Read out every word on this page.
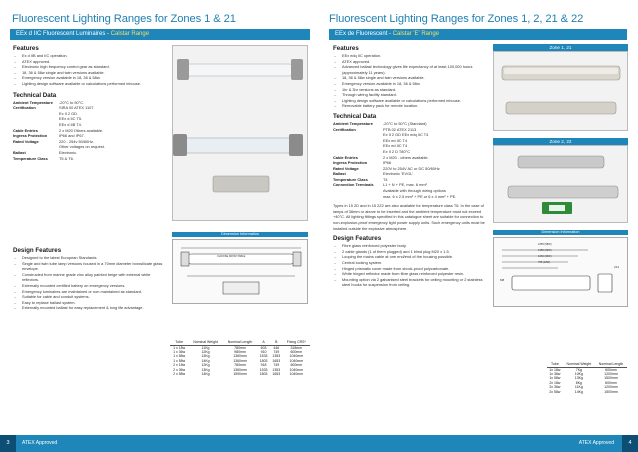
Fluorescent Lighting Ranges for Zones 1 & 21
EEx d IIC Fluorescent Luminaires - Calstar Range
Features
– Ex d IIB and IIC operation.
– ATEX approved.
– Electronic high frequency control gear as standard.
– 18, 36 & 58w single and twin versions available.
– Emergency version available in 18, 36 & 58w.
– Lighting design software available or calculations performed inhouse.
Technical Data
Ambient Temperature	-20°C to 50°C.
Certification	SIRA 00 ATEX 1107.
Ex II 2 GD.
EEx d IIC T5.
EEx d IIB T4.
Cable Entries	2 x M20 Others available.
Ingress Protection	IP66 and IP67.
Rated Voltage	220 - 254v 50/60Hz.
Other voltages on request.
Ballast	Electronic.
Temperature Class	T5 & T6.
Design Features
– Designed to the latest European Standards.
– Single and twin tube lamp versions housed in a 70mm diameter borosilicate glass envelope.
– Constructed from marine grade zinc alloy painted beige with external white reflectors.
– Externally mounted certified battery on emergency versions.
– Emergency luminaires are maintained or non maintained as standard.
– Suitable for cable and conduit systems.
– Easy to replace ballast system.
– Externally mounted ballast for easy replacement & long life advantage.
Dimension Information
CHOOSE FROM TABLE
Tube	Nominal Weight	Nominal Length	A	B	Fixing CRS*
1 x 18w	11Kg	780mm	603	446	318mm
1 x 36w	12Kg	980mm	910	749	600mm
1 x 58w	13Kg	1360mm	1533	1353	1040mm
1 x 58w	14Kg	1360mm	1803	1653	1040mm
2 x 18w	12Kg	780mm	918	749	600mm
2 x 36w	13Kg	1360mm	1533	1353	1040mm
2 x 58w	14Kg	1590mm	1803	1653	1040mm
3	ATEX Approved
Fluorescent Lighting Ranges for Zones 1, 2, 21 & 22
EEx de Fluorescent - Calstar 'E' Range
Features
– EEx edq IIC operation.
– ATEX approved.
– Advanced ballast technology gives life expectancy of at least 100,000 hours (approximately 11 years).
– 18, 36 & 58w single and twin versions available.
– Emergency version available in 18, 36 & 58w.
– 1hr & 3hr versions as standard.
– Through wiring facility standard.
– Lighting design software available or calculations performed inhouse.
– Removable battery pack for remote location.
Technical Data
Ambient Temperature	-20°C to 50°C (Standard)
Certification	PTB 02 ATEX 2113
Ex II 2 GD EEx edq IIC T4
EEx ed IIC T4
EEx ed IIC T4
Ex II 2 D T80°C
Cable Entries	2 x M20 - others available.
Ingress Protection	IP66
Rated Voltage	220V to 254V AC or DC 50/60Hz
Ballast	Electronic 'EVGL'
Temperature Class	T4
Connection Terminals	L1 + N + PE, max. 6 mm²
Available with through wiring options
max. 6 x 2.5 mm² + PE or 6 x 4 mm² + PE.
Types in 15 2D and in 15 2Z2 are also available for temperature class T6. In the case of lamps of 36mm or above to be inserted and the ambient temperature must not exceed +40°C. All lighting fittings specified in this catalogue sheet are suitable for connection to non-explosion-proof emergency light power supply units. Such emergency units must be installed outside the explosive atmosphere.
Design Features
– Fibre glass reinforced polyester body.
– 2 cable glands (1 of them plugged) and 1 blind plug M20 x 1.5.
– Looping the mains cable at one end/end of the housing possible.
– Central locking system.
– Hinged prismatic cover made from shock-proof polycarbonate.
– White hinged reflector made from fibre glass reinforced polyester resin.
– Mounting option via 2 galvanised steel brackets for ceiling mounting or 2 stainless steel hooks for suspension from ceiling.
Zone 1, 21
Zone 2, 22
Dimension Information
1655 (58W)
1355 (36W)
1060 (36W)
755 (18W)
M8
214
Tube	Nominal Weight	Nominal Length
1x 18w	7Kg	600mm
1x 36w	10Kg	1200mm
1x 58w	13Kg	1500mm
2x 18w	8Kg	600mm
2x 36w	11Kg	1200mm
2x 58w	14Kg	1500mm
ATEX Approved	4
